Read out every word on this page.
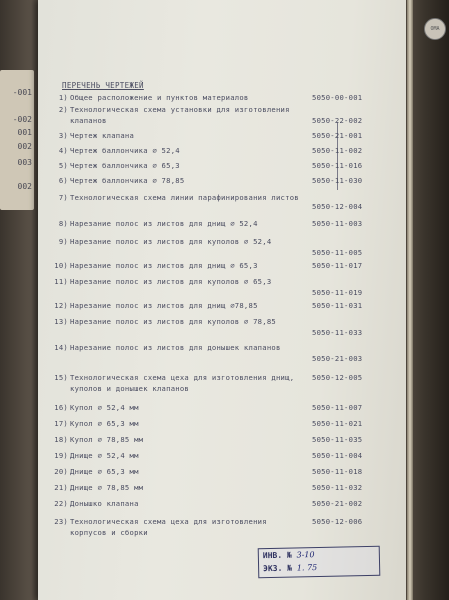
-001
-002
001
002
003
002
ОМА
ПЕРЕЧЕНЬ ЧЕРТЕЖЕЙ
1) Общее расположение и пунктов материалов	5050-00-001
2) Технологическая схема установки для изготовления клапанов	5050-22-002
3) Чертеж клапана	5050-21-001
4) Чертеж баллончика ∅ 52,4	5050-11-002
5) Чертеж баллончика ∅ 65,3	5050-11-016
6) Чертеж баллончика ∅ 78,85	5050-11-030
7) Технологическая схема линии парафинирования листов
5050-12-004
8) Нарезание полос из листов для днищ ∅ 52,4	5050-11-003
9) Нарезание полос из листов для куполов ∅ 52,4
5050-11-005
10) Нарезание полос из листов для днищ ∅ 65,3	5050-11-017
11) Нарезание полос из листов для куполов ∅ 65,3
5050-11-019
12) Нарезание полос из листов для днищ ∅78,85	5050-11-031
13) Нарезание полос из листов для куполов ∅ 78,85
5050-11-033
14) Нарезание полос из листов для донышек клапанов
5050-21-003
15) Технологическая схема цеха для изготовления днищ, куполов и донышек клапанов
5050-12-005
16) Купол ∅ 52,4 мм	5050-11-007
17) Купол ∅ 65,3 мм	5050-11-021
18) Купол ∅ 78,85 мм	5050-11-035
19) Днище ∅ 52,4 мм	5050-11-004
20) Днище ∅ 65,3 мм	5050-11-018
21) Днище ∅ 78,85 мм	5050-11-032
22) Донышко клапана	5050-21-002
23) Технологическая схема цеха для изготовления корпусов и сборки
5050-12-006
ИНВ. № 3-10
ЭКЗ. № 1. 75
